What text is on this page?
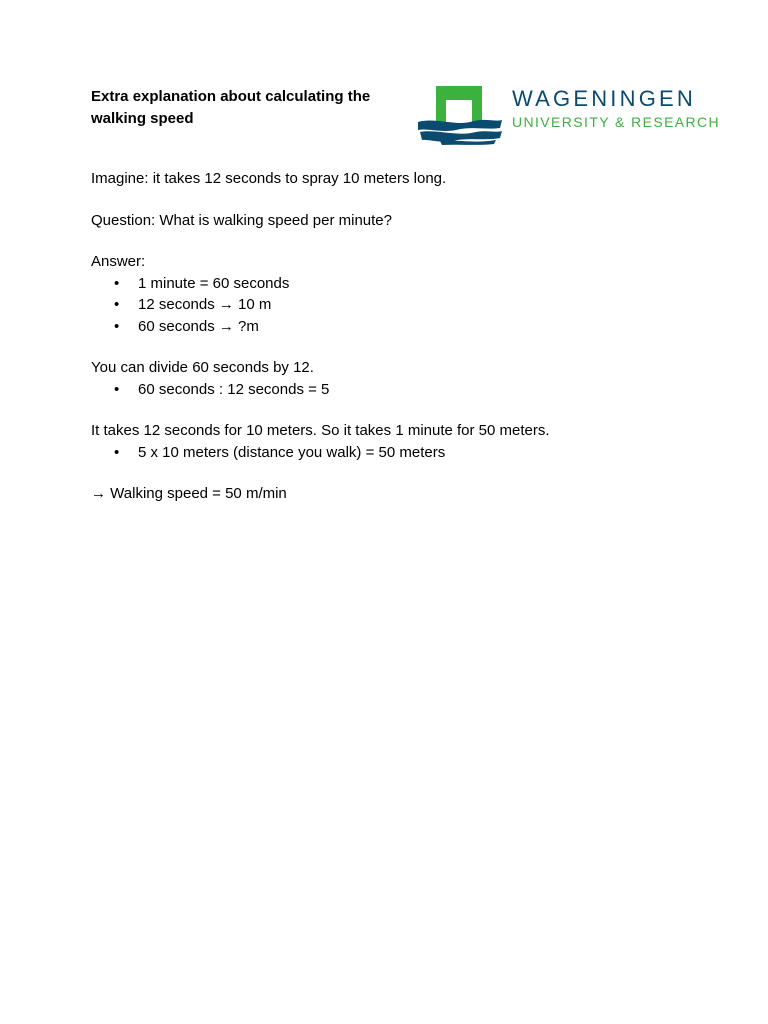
Extra explanation about calculating the
walking speed
WAGENINGEN
UNIVERSITY & RESEARCH

Imagine: it takes 12 seconds to spray 10 meters long.

Question: What is walking speed per minute?

Answer:

• 1 minute = 60 seconds
• 12 seconds → 10 m
• 60 seconds → ?m

You can divide 60 seconds by 12.

• 60 seconds : 12 seconds = 5

It takes 12 seconds for 10 meters. So it takes 1 minute for 50 meters.

• 5 x 10 meters (distance you walk) = 50 meters

→ Walking speed = 50 m/min
